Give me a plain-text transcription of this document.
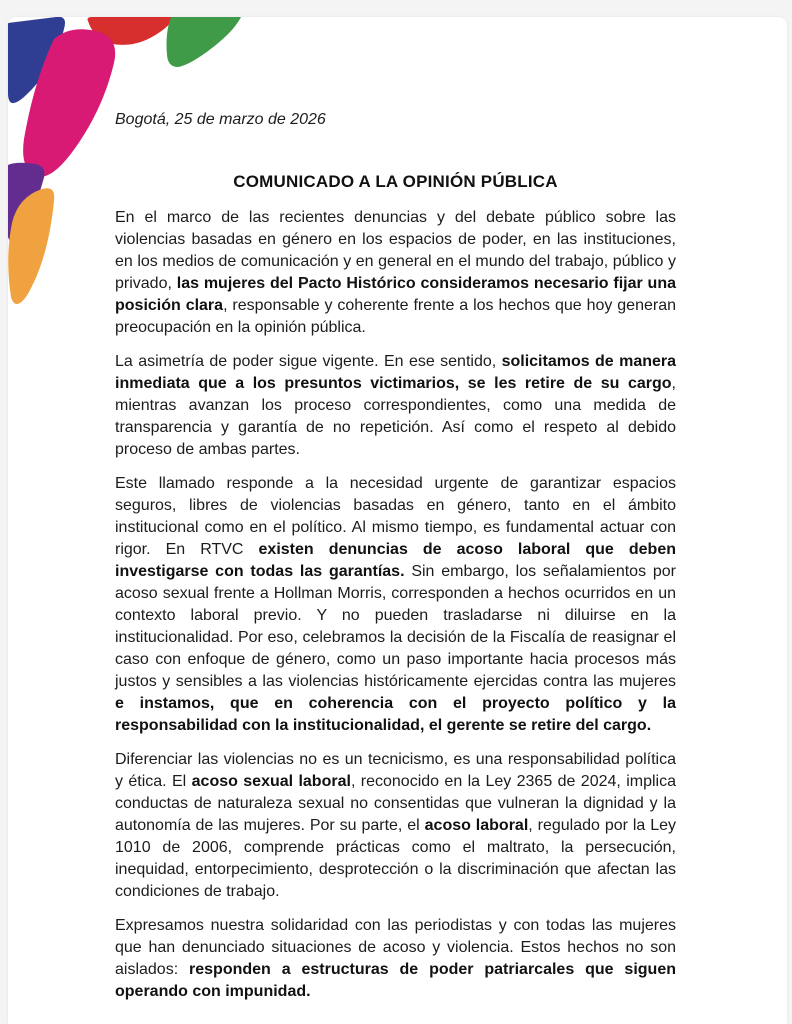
Bogotá, 25 de marzo de 2026

COMUNICADO A LA OPINIÓN PÚBLICA

En el marco de las recientes denuncias y del debate público sobre las violencias basadas en género en los espacios de poder, en las instituciones, en los medios de comunicación y en general en el mundo del trabajo, público y privado, las mujeres del Pacto Histórico consideramos necesario fijar una posición clara, responsable y coherente frente a los hechos que hoy generan preocupación en la opinión pública.

La asimetría de poder sigue vigente. En ese sentido, solicitamos de manera inmediata que a los presuntos victimarios, se les retire de su cargo, mientras avanzan los proceso correspondientes, como una medida de transparencia y garantía de no repetición. Así como el respeto al debido proceso de ambas partes.

Este llamado responde a la necesidad urgente de garantizar espacios seguros, libres de violencias basadas en género, tanto en el ámbito institucional como en el político. Al mismo tiempo, es fundamental actuar con rigor. En RTVC existen denuncias de acoso laboral que deben investigarse con todas las garantías. Sin embargo, los señalamientos por acoso sexual frente a Hollman Morris, corresponden a hechos ocurridos en un contexto laboral previo. Y no pueden trasladarse ni diluirse en la institucionalidad. Por eso, celebramos la decisión de la Fiscalía de reasignar el caso con enfoque de género, como un paso importante hacia procesos más justos y sensibles a las violencias históricamente ejercidas contra las mujeres e instamos, que en coherencia con el proyecto político y la responsabilidad con la institucionalidad, el gerente se retire del cargo.

Diferenciar las violencias no es un tecnicismo, es una responsabilidad política y ética. El acoso sexual laboral, reconocido en la Ley 2365 de 2024, implica conductas de naturaleza sexual no consentidas que vulneran la dignidad y la autonomía de las mujeres. Por su parte, el acoso laboral, regulado por la Ley 1010 de 2006, comprende prácticas como el maltrato, la persecución, inequidad, entorpecimiento, desprotección o la discriminación que afectan las condiciones de trabajo.

Expresamos nuestra solidaridad con las periodistas y con todas las mujeres que han denunciado situaciones de acoso y violencia. Estos hechos no son aislados: responden a estructuras de poder patriarcales que siguen operando con impunidad.
